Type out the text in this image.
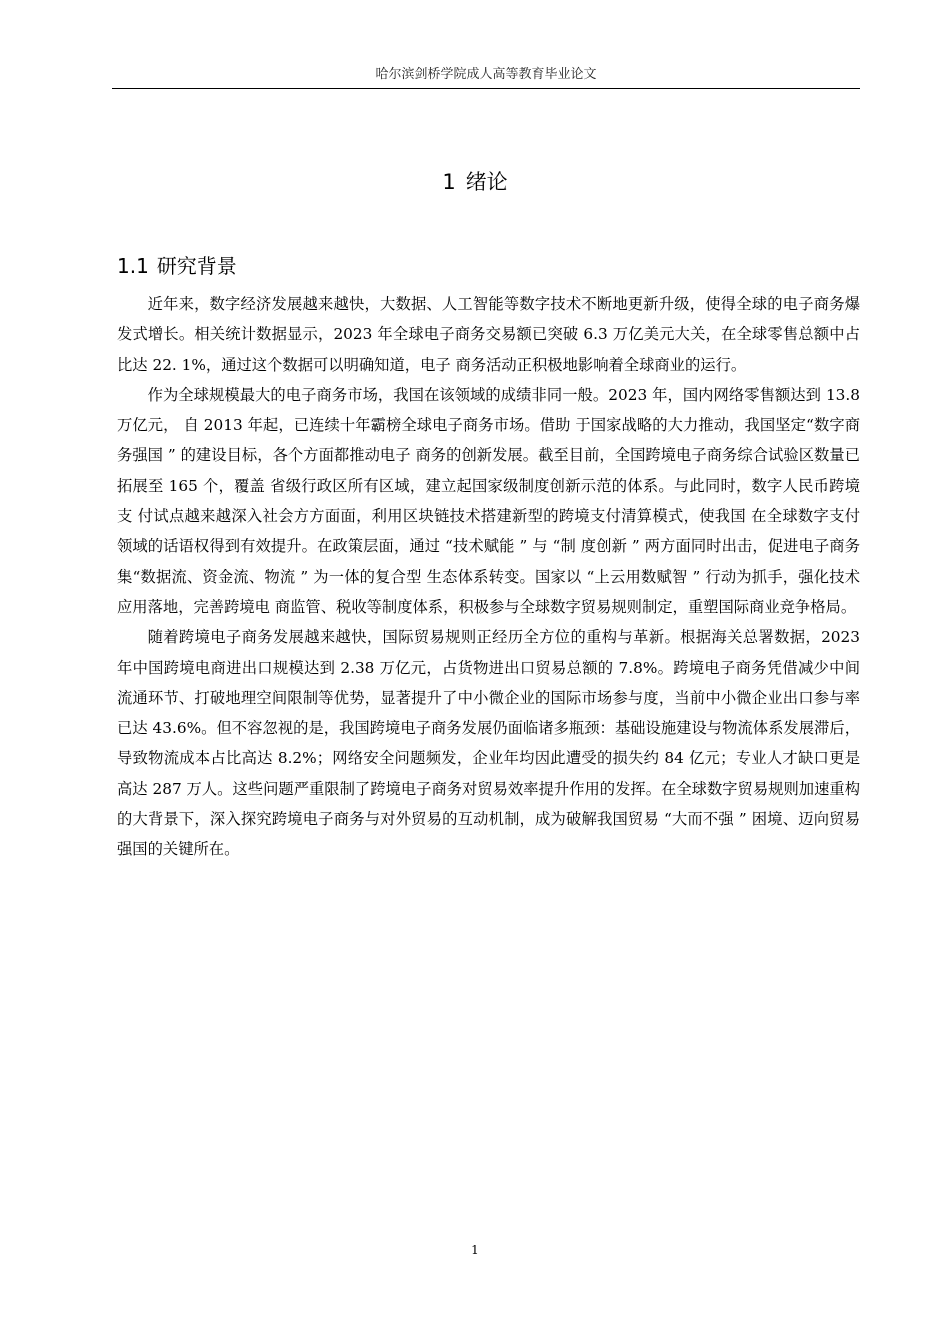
哈尔滨剑桥学院成人高等教育毕业论文
1 绪论
1.1 研究背景

近年来，数字经济发展越来越快，大数据、人工智能等数字技术不断地更新升级，使得全球的电子商务爆发式增长。相关统计数据显示，2023 年全球电子商务交易额已突破 6.3 万亿美元大关，在全球零售总额中占比达 22. 1%，通过这个数据可以明确知道，电子 商务活动正积极地影响着全球商业的运行。

作为全球规模最大的电子商务市场，我国在该领域的成绩非同一般。2023 年，国内网络零售额达到 13.8 万亿元， 自 2013 年起，已连续十年霸榜全球电子商务市场。借助 于国家战略的大力推动，我国坚定“数字商务强国 ” 的建设目标，各个方面都推动电子 商务的创新发展。截至目前，全国跨境电子商务综合试验区数量已拓展至 165 个，覆盖 省级行政区所有区域，建立起国家级制度创新示范的体系。与此同时，数字人民币跨境支 付试点越来越深入社会方方面面，利用区块链技术搭建新型的跨境支付清算模式，使我国 在全球数字支付领域的话语权得到有效提升。在政策层面，通过 “技术赋能 ” 与 “制 度创新 ” 两方面同时出击，促进电子商务集“数据流、资金流、物流 ” 为一体的复合型 生态体系转变。国家以 “上云用数赋智 ” 行动为抓手，强化技术应用落地，完善跨境电 商监管、税收等制度体系，积极参与全球数字贸易规则制定，重塑国际商业竞争格局。

随着跨境电子商务发展越来越快，国际贸易规则正经历全方位的重构与革新。根据海关总署数据，2023 年中国跨境电商进出口规模达到 2.38 万亿元，占货物进出口贸易总额的 7.8%。跨境电子商务凭借减少中间流通环节、打破地理空间限制等优势，显著提升了中小微企业的国际市场参与度，当前中小微企业出口参与率已达 43.6%。但不容忽视的是，我国跨境电子商务发展仍面临诸多瓶颈：基础设施建设与物流体系发展滞后，导致物流成本占比高达 8.2%；网络安全问题频发，企业年均因此遭受的损失约 84 亿元；专业人才缺口更是高达 287 万人。这些问题严重限制了跨境电子商务对贸易效率提升作用的发挥。在全球数字贸易规则加速重构的大背景下，深入探究跨境电子商务与对外贸易的互动机制，成为破解我国贸易 “大而不强 ” 困境、迈向贸易强国的关键所在。

1
